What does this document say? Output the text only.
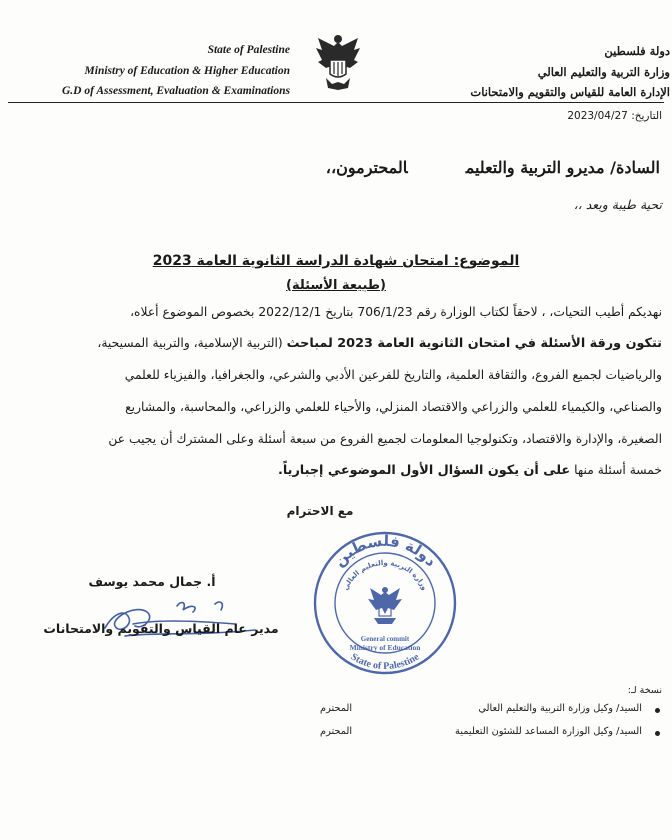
State of Palestine
Ministry of Education & Higher Education
G.D of Assessment, Evaluation & Examinations
دولة فلسطين
وزارة التربية والتعليم العالي
الإدارة العامة للقياس والتقويم والامتحانات
التاريخ: 2023/04/27
السادة/ مديرو التربية والتعليمالمحترمون،،
تحية طيبة وبعد ،،
الموضوع: امتحان شهادة الدراسة الثانوية العامة 2023
(طبيعة الأسئلة)
نهديكم أطيب التحيات، ، لاحقاً لكتاب الوزارة رقم 706/1/23 بتاريخ 2022/12/1 بخصوص الموضوع أعلاه،
تتكون ورقة الأسئلة في امتحان الثانوية العامة 2023 لمباحث (التربية الإسلامية، والتربية المسيحية،
والرياضيات لجميع الفروع، والثقافة العلمية، والتاريخ للفرعين الأدبي والشرعي، والجغرافيا، والفيزياء للعلمي
والصناعي، والكيمياء للعلمي والزراعي والاقتصاد المنزلي، والأحياء للعلمي والزراعي، والمحاسبة، والمشاريع
الصغيرة، والإدارة والاقتصاد، وتكنولوجيا المعلومات لجميع الفروع من سبعة أسئلة وعلى المشترك أن يجيب عن
خمسة أسئلة منها على أن يكون السؤال الأول الموضوعي إجبارياً.
مع الاحترام
دولة فلسطين
وزارة التربية والتعليم العالي
General commit
Ministry of Education
State of Palestine
أ. جمال محمد يوسف
مدير عام القياس والتقويم والامتحانات
نسخة لـ:
السيد/ وكيل وزارة التربية والتعليم العالي
المحترم
السيد/ وكيل الوزارة المساعد للشئون التعليمية
المحترم
